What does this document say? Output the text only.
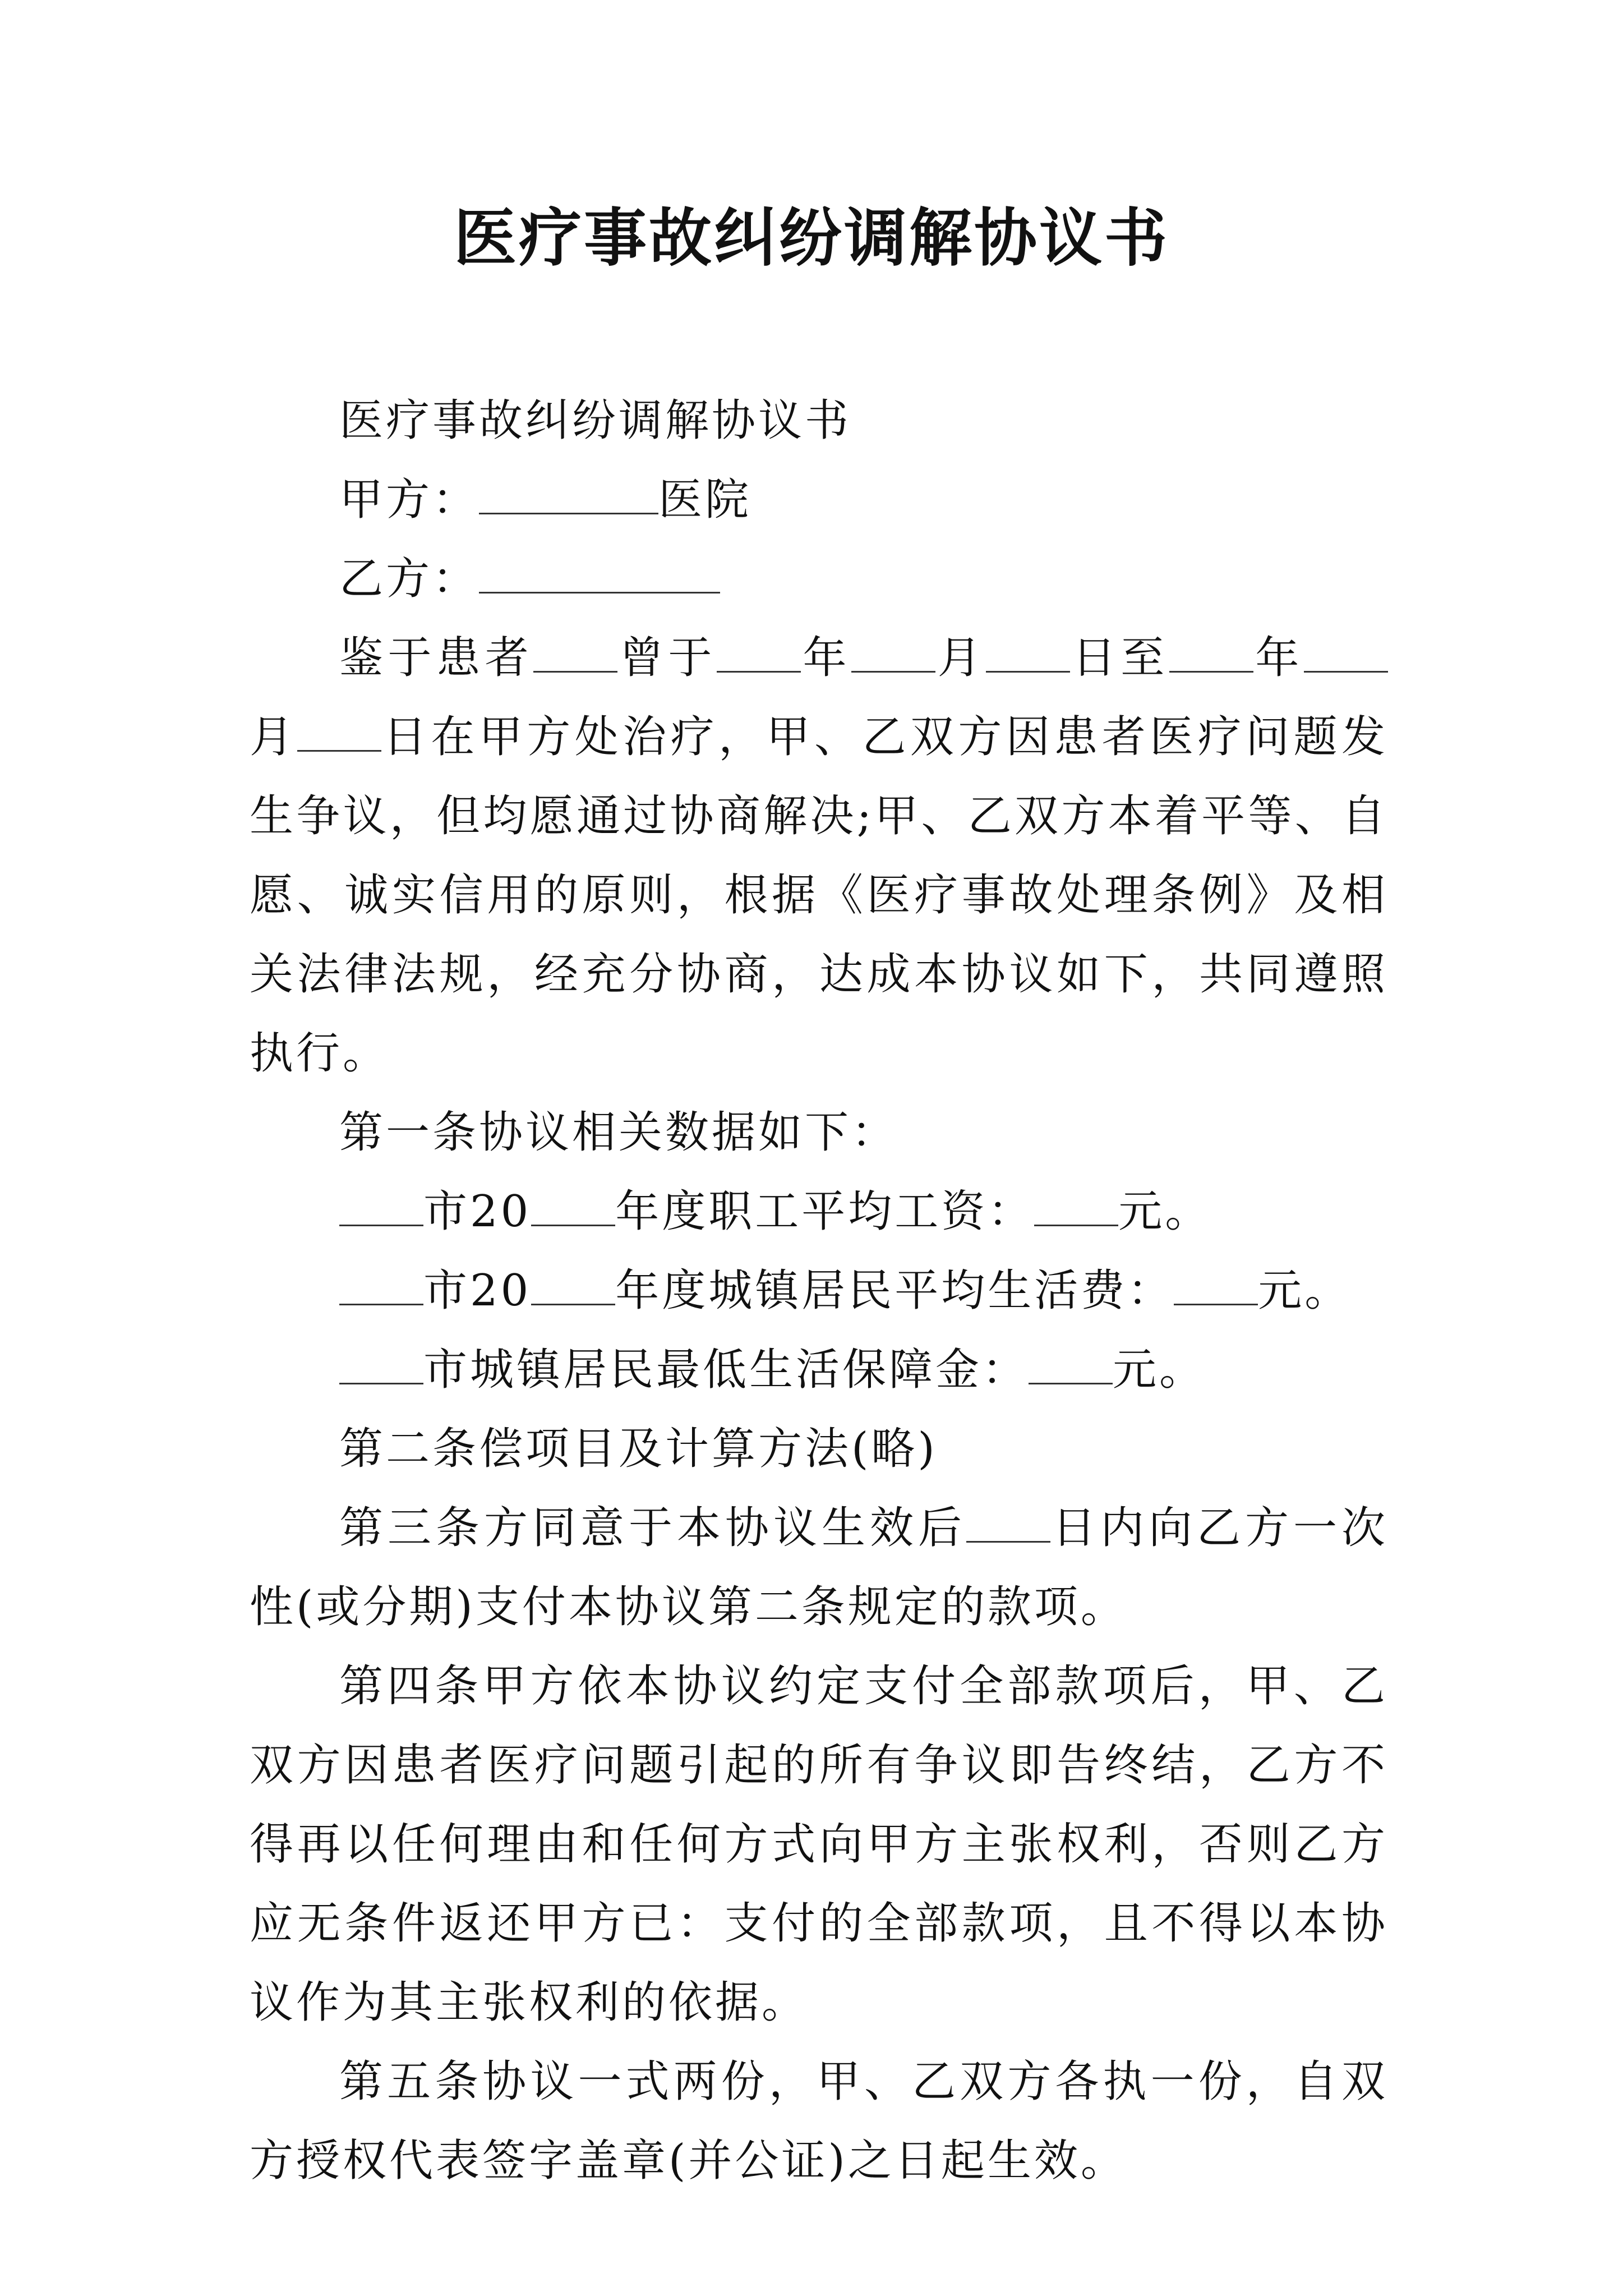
医疗事故纠纷调解协议书

医疗事故纠纷调解协议书

甲方：	医院

乙方：

鉴于患者 曾于 年 月 日至 年月 日在甲方处治疗，甲、乙双方因患者医疗问题发生争议，但均愿通过协商解决;甲、乙双方本着平等、自愿、诚实信用的原则，根据《医疗事故处理条例》及相关法律法规，经充分协商，达成本协议如下，共同遵照执行。

第一条协议相关数据如下：

市20 年度职工平均工资： 元。

市20 年度城镇居民平均生活费： 元。

市城镇居民最低生活保障金： 元。

第二条偿项目及计算方法(略)

第三条方同意于本协议生效后 日内向乙方一次性(或分期)支付本协议第二条规定的款项。

第四条甲方依本协议约定支付全部款项后，甲、乙双方因患者医疗问题引起的所有争议即告终结，乙方不得再以任何理由和任何方式向甲方主张权利，否则乙方应无条件返还甲方已：支付的全部款项，且不得以本协议作为其主张权利的依据。

第五条协议一式两份，甲、乙双方各执一份，自双方授权代表签字盖章(并公证)之日起生效。
